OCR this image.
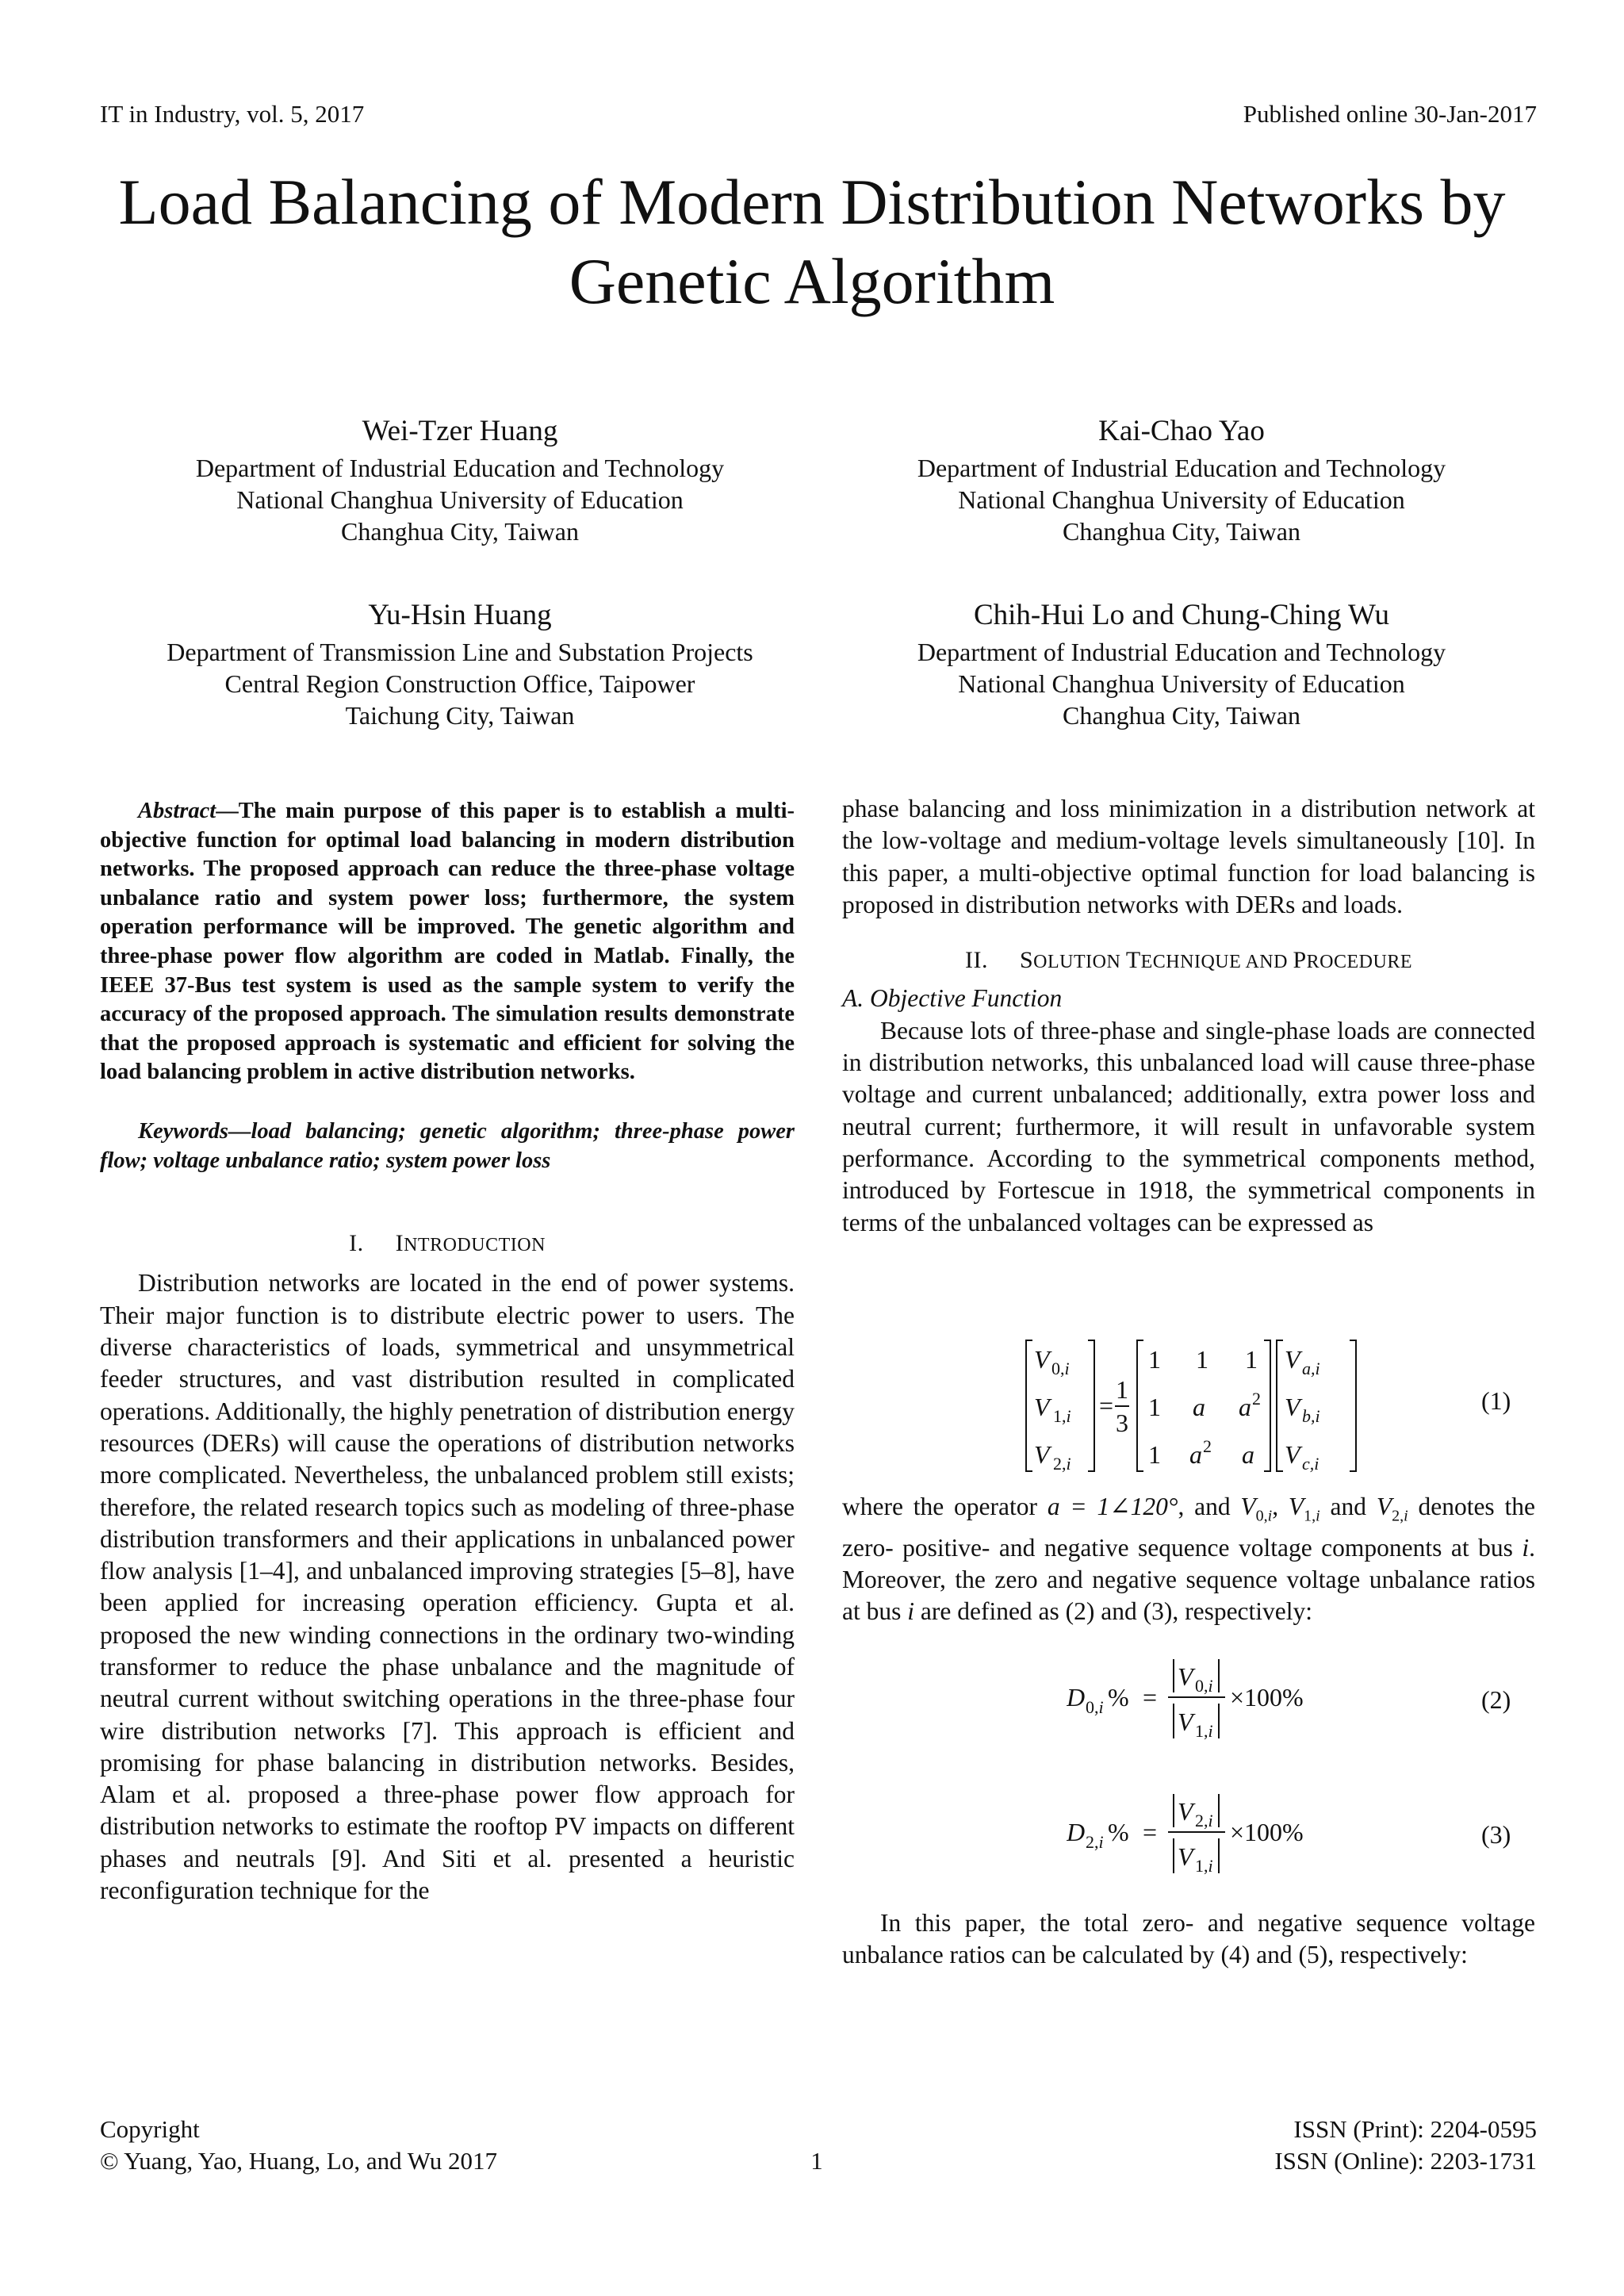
IT in Industry, vol. 5, 2017	Published online 30-Jan-2017
Load Balancing of Modern Distribution Networks by Genetic Algorithm
Wei-Tzer Huang
Department of Industrial Education and Technology
National Changhua University of Education
Changhua City, Taiwan
Kai-Chao Yao
Department of Industrial Education and Technology
National Changhua University of Education
Changhua City, Taiwan
Yu-Hsin Huang
Department of Transmission Line and Substation Projects
Central Region Construction Office, Taipower
Taichung City, Taiwan
Chih-Hui Lo and Chung-Ching Wu
Department of Industrial Education and Technology
National Changhua University of Education
Changhua City, Taiwan

Abstract—The main purpose of this paper is to establish a multi-objective function for optimal load balancing in modern distribution networks. The proposed approach can reduce the three-phase voltage unbalance ratio and system power loss; furthermore, the system operation performance will be improved. The genetic algorithm and three-phase power flow algorithm are coded in Matlab. Finally, the IEEE 37-Bus test system is used as the sample system to verify the accuracy of the proposed approach. The simulation results demonstrate that the proposed approach is systematic and efficient for solving the load balancing problem in active distribution networks.

Keywords—load balancing; genetic algorithm; three-phase power flow; voltage unbalance ratio; system power loss

I. INTRODUCTION

Distribution networks are located in the end of power systems. Their major function is to distribute electric power to users. The diverse characteristics of loads, symmetrical and unsymmetrical feeder structures, and vast distribution resulted in complicated operations. Additionally, the highly penetration of distribution energy resources (DERs) will cause the operations of distribution networks more complicated. Nevertheless, the unbalanced problem still exists; therefore, the related research topics such as modeling of three-phase distribution transformers and their applications in unbalanced power flow analysis [1–4], and unbalanced improving strategies [5–8], have been applied for increasing operation efficiency. Gupta et al. proposed the new winding connections in the ordinary two-winding transformer to reduce the phase unbalance and the magnitude of neutral current without switching operations in the three-phase four wire distribution networks [7]. This approach is efficient and promising for phase balancing in distribution networks. Besides, Alam et al. proposed a three-phase power flow approach for distribution networks to estimate the rooftop PV impacts on different phases and neutrals [9]. And Siti et al. presented a heuristic reconfiguration technique for the

phase balancing and loss minimization in a distribution network at the low-voltage and medium-voltage levels simultaneously [10]. In this paper, a multi-objective optimal function for load balancing is proposed in distribution networks with DERs and loads.

II. SOLUTION TECHNIQUE AND PROCEDURE

A. Objective Function

Because lots of three-phase and single-phase loads are connected in distribution networks, this unbalanced load will cause three-phase voltage and current unbalanced; additionally, extra power loss and neutral current; furthermore, it will result in unfavorable system performance. According to the symmetrical components method, introduced by Fortescue in 1918, the symmetrical components in terms of the unbalanced voltages can be expressed as

V 0,i
V 1,i
V 2,i
=
1
3
1 1 1
1 a a 2
1 a 2 a
V a,i
V b,i
V c,i
(1)

where the operator a = 1∠120°, and $V_{0,i}$, $V_{1,i}$ and $V_{2,i}$ denotes the zero- positive- and negative sequence voltage components at bus i. Moreover, the zero and negative sequence voltage unbalance ratios at bus i are defined as (2) and (3), respectively:

D 0,i % =
V 0,i
V 1,i
×100%	(2)
D 2,i % =
V 2,i
V 1,i
×100%	(3)

In this paper, the total zero- and negative sequence voltage unbalance ratios can be calculated by (4) and (5), respectively:

Copyright
© Yuang, Yao, Huang, Lo, and Wu 2017	1
ISSN (Print): 2204-0595
ISSN (Online): 2203-1731
